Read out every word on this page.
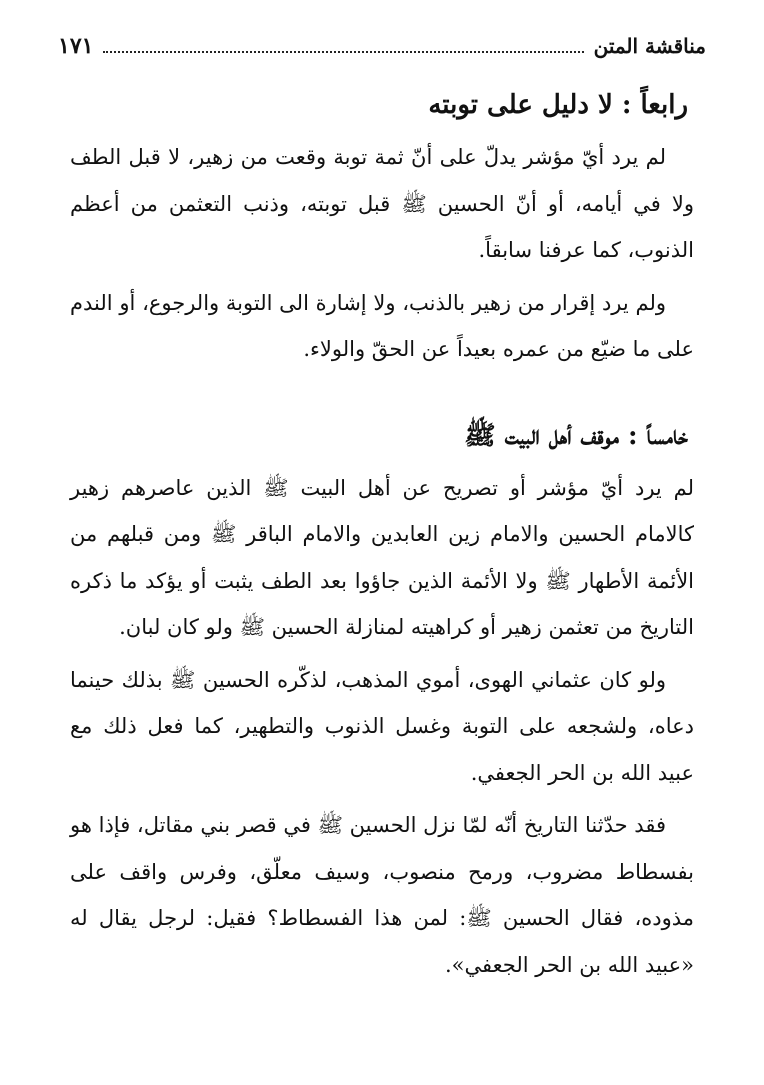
مناقشة المتن
١٧١
رابعاً : لا دليل على توبته

لم يرد أيّ مؤشر يدلّ على أنّ ثمة توبة وقعت من زهير، لا قبل الطف ولا في أيامه، أو أنّ الحسين ﷺ قبل توبته، وذنب التعثمن من أعظم الذنوب، كما عرفنا سابقاً.

ولم يرد إقرار من زهير بالذنب، ولا إشارة الى التوبة والرجوع، أو الندم على ما ضيّع من عمره بعيداً عن الحقّ والولاء.

خامساً : موقف أهل البيت ﷺ

لم يرد أيّ مؤشر أو تصريح عن أهل البيت ﷺ الذين عاصرهم زهير كالامام الحسين والامام زين العابدين والامام الباقر ﷺ ومن قبلهم من الأئمة الأطهار ﷺ ولا الأئمة الذين جاؤوا بعد الطف يثبت أو يؤكد ما ذكره التاريخ من تعثمن زهير أو كراهيته لمنازلة الحسين ﷺ ولو كان لبان.

ولو كان عثماني الهوى، أموي المذهب، لذكّره الحسين ﷺ بذلك حينما دعاه، ولشجعه على التوبة وغسل الذنوب والتطهير، كما فعل ذلك مع عبيد الله بن الحر الجعفي.

فقد حدّثنا التاريخ أنّه لمّا نزل الحسين ﷺ في قصر بني مقاتل، فإذا هو بفسطاط مضروب، ورمح منصوب، وسيف معلّق، وفرس واقف على مذوده، فقال الحسين ﷺ: لمن هذا الفسطاط؟ فقيل: لرجل يقال له «عبيد الله بن الحر الجعفي».
